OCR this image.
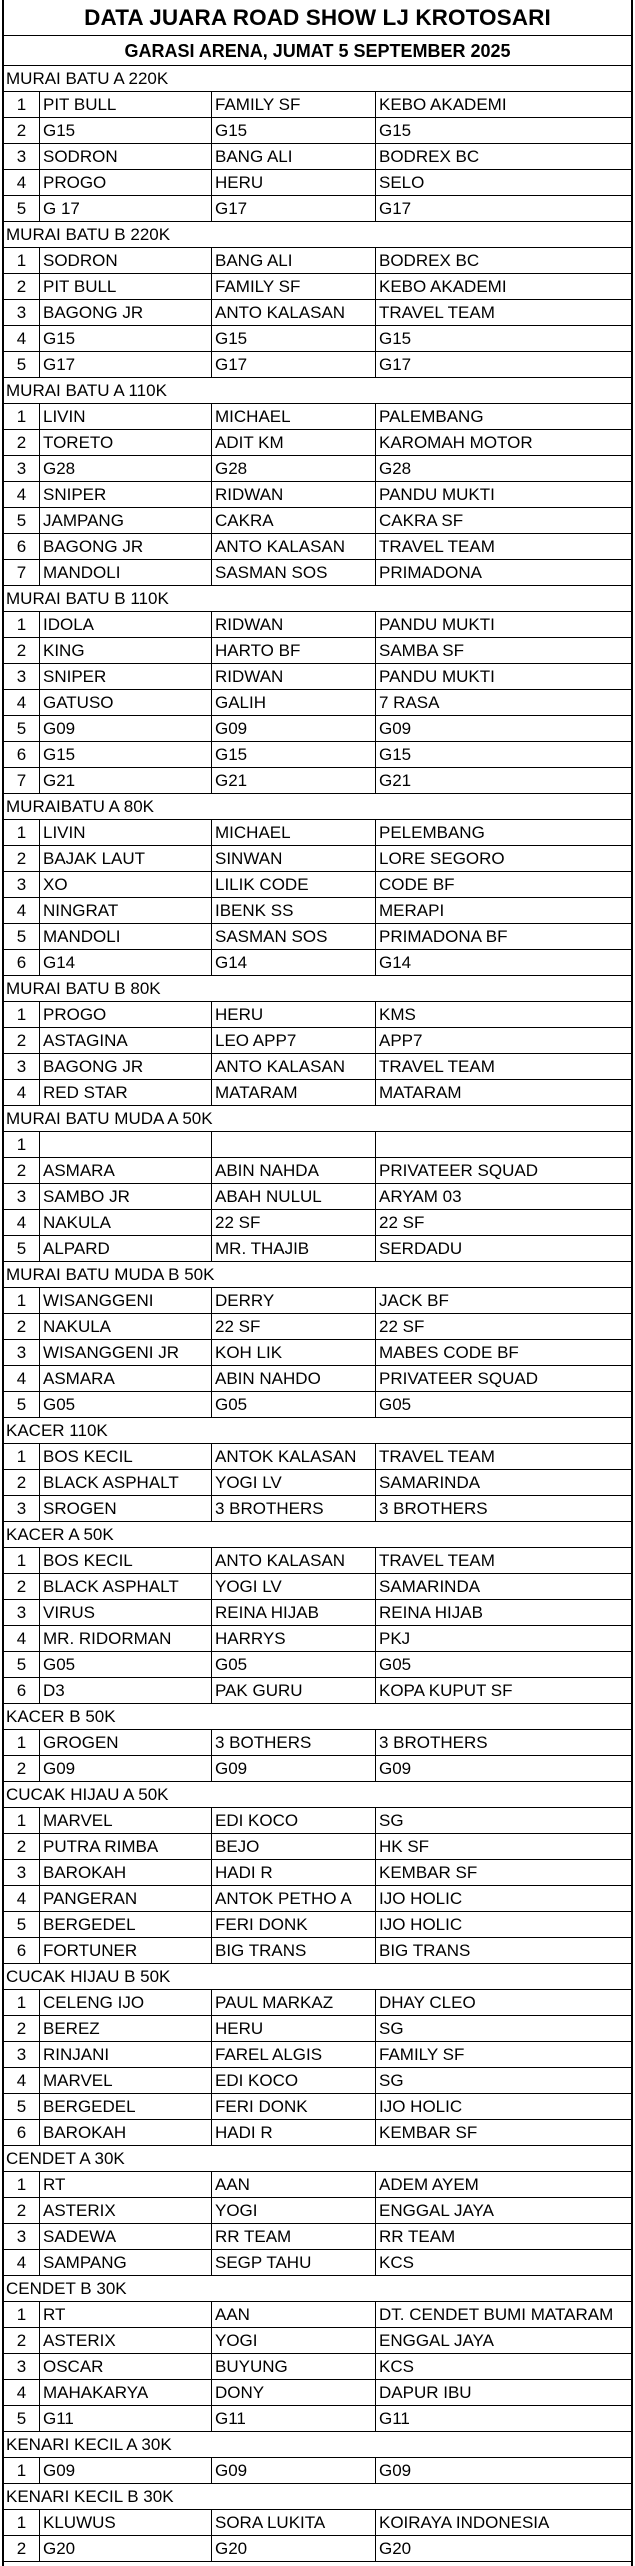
DATA JUARA ROAD SHOW LJ KROTOSARI
GARASI ARENA, JUMAT 5 SEPTEMBER 2025
MURAI BATU A 220K
1 PIT BULL	FAMILY SF	KEBO AKADEMI
2 G15	G15	G15
3 SODRON	BANG ALI	BODREX BC
4 PROGO	HERU	SELO
5 G 17	G17	G17
MURAI BATU B 220K
1 SODRON	BANG ALI	BODREX BC
2 PIT BULL	FAMILY SF	KEBO AKADEMI
3 BAGONG JR	ANTO KALASAN	TRAVEL TEAM
4 G15	G15	G15
5 G17	G17	G17
MURAI BATU A 110K
1 LIVIN	MICHAEL	PALEMBANG
2 TORETO	ADIT KM	KAROMAH MOTOR
3 G28	G28	G28
4 SNIPER	RIDWAN	PANDU MUKTI
5 JAMPANG	CAKRA	CAKRA SF
6 BAGONG JR	ANTO KALASAN	TRAVEL TEAM
7 MANDOLI	SASMAN SOS	PRIMADONA
MURAI BATU B 110K
1 IDOLA	RIDWAN	PANDU MUKTI
2 KING	HARTO BF	SAMBA SF
3 SNIPER	RIDWAN	PANDU MUKTI
4 GATUSO	GALIH	7 RASA
5 G09	G09	G09
6 G15	G15	G15
7 G21	G21	G21
MURAIBATU A 80K
1 LIVIN	MICHAEL	PELEMBANG
2 BAJAK LAUT	SINWAN	LORE SEGORO
3 XO	LILIK CODE	CODE BF
4 NINGRAT	IBENK SS	MERAPI
5 MANDOLI	SASMAN SOS	PRIMADONA BF
6 G14	G14	G14
MURAI BATU B 80K
1 PROGO	HERU	KMS
2 ASTAGINA	LEO APP7	APP7
3 BAGONG JR	ANTO KALASAN	TRAVEL TEAM
4 RED STAR	MATARAM	MATARAM
MURAI BATU MUDA A 50K
1
2 ASMARA	ABIN NAHDA	PRIVATEER SQUAD
3 SAMBO JR	ABAH NULUL	ARYAM 03
4 NAKULA	22 SF	22 SF
5 ALPARD	MR. THAJIB	SERDADU
MURAI BATU MUDA B 50K
1 WISANGGENI	DERRY	JACK BF
2 NAKULA	22 SF	22 SF
3 WISANGGENI JR	KOH LIK	MABES CODE BF
4 ASMARA	ABIN NAHDO	PRIVATEER SQUAD
5 G05	G05	G05
KACER 110K
1 BOS KECIL	ANTOK KALASAN	TRAVEL TEAM
2 BLACK ASPHALT	YOGI LV	SAMARINDA
3 SROGEN	3 BROTHERS	3 BROTHERS
KACER A 50K
1 BOS KECIL	ANTO KALASAN	TRAVEL TEAM
2 BLACK ASPHALT	YOGI LV	SAMARINDA
3 VIRUS	REINA HIJAB	REINA HIJAB
4 MR. RIDORMAN	HARRYS	PKJ
5 G05	G05	G05
6 D3	PAK GURU	KOPA KUPUT SF
KACER B 50K
1 GROGEN	3 BOTHERS	3 BROTHERS
2 G09	G09	G09
CUCAK HIJAU A 50K
1 MARVEL	EDI KOCO	SG
2 PUTRA RIMBA	BEJO	HK SF
3 BAROKAH	HADI R	KEMBAR SF
4 PANGERAN	ANTOK PETHO A	IJO HOLIC
5 BERGEDEL	FERI DONK	IJO HOLIC
6 FORTUNER	BIG TRANS	BIG TRANS
CUCAK HIJAU B 50K
1 CELENG IJO	PAUL MARKAZ	DHAY CLEO
2 BEREZ	HERU	SG
3 RINJANI	FAREL ALGIS	FAMILY SF
4 MARVEL	EDI KOCO	SG
5 BERGEDEL	FERI DONK	IJO HOLIC
6 BAROKAH	HADI R	KEMBAR SF
CENDET A 30K
1 RT	AAN	ADEM AYEM
2 ASTERIX	YOGI	ENGGAL JAYA
3 SADEWA	RR TEAM	RR TEAM
4 SAMPANG	SEGP TAHU	KCS
CENDET B 30K
1 RT	AAN	DT. CENDET BUMI MATARAM
2 ASTERIX	YOGI	ENGGAL JAYA
3 OSCAR	BUYUNG	KCS
4 MAHAKARYA	DONY	DAPUR IBU
5 G11	G11	G11
KENARI KECIL A 30K
1 G09	G09	G09
KENARI KECIL B 30K
1 KLUWUS	SORA LUKITA	KOIRAYA INDONESIA
2 G20	G20	G20
